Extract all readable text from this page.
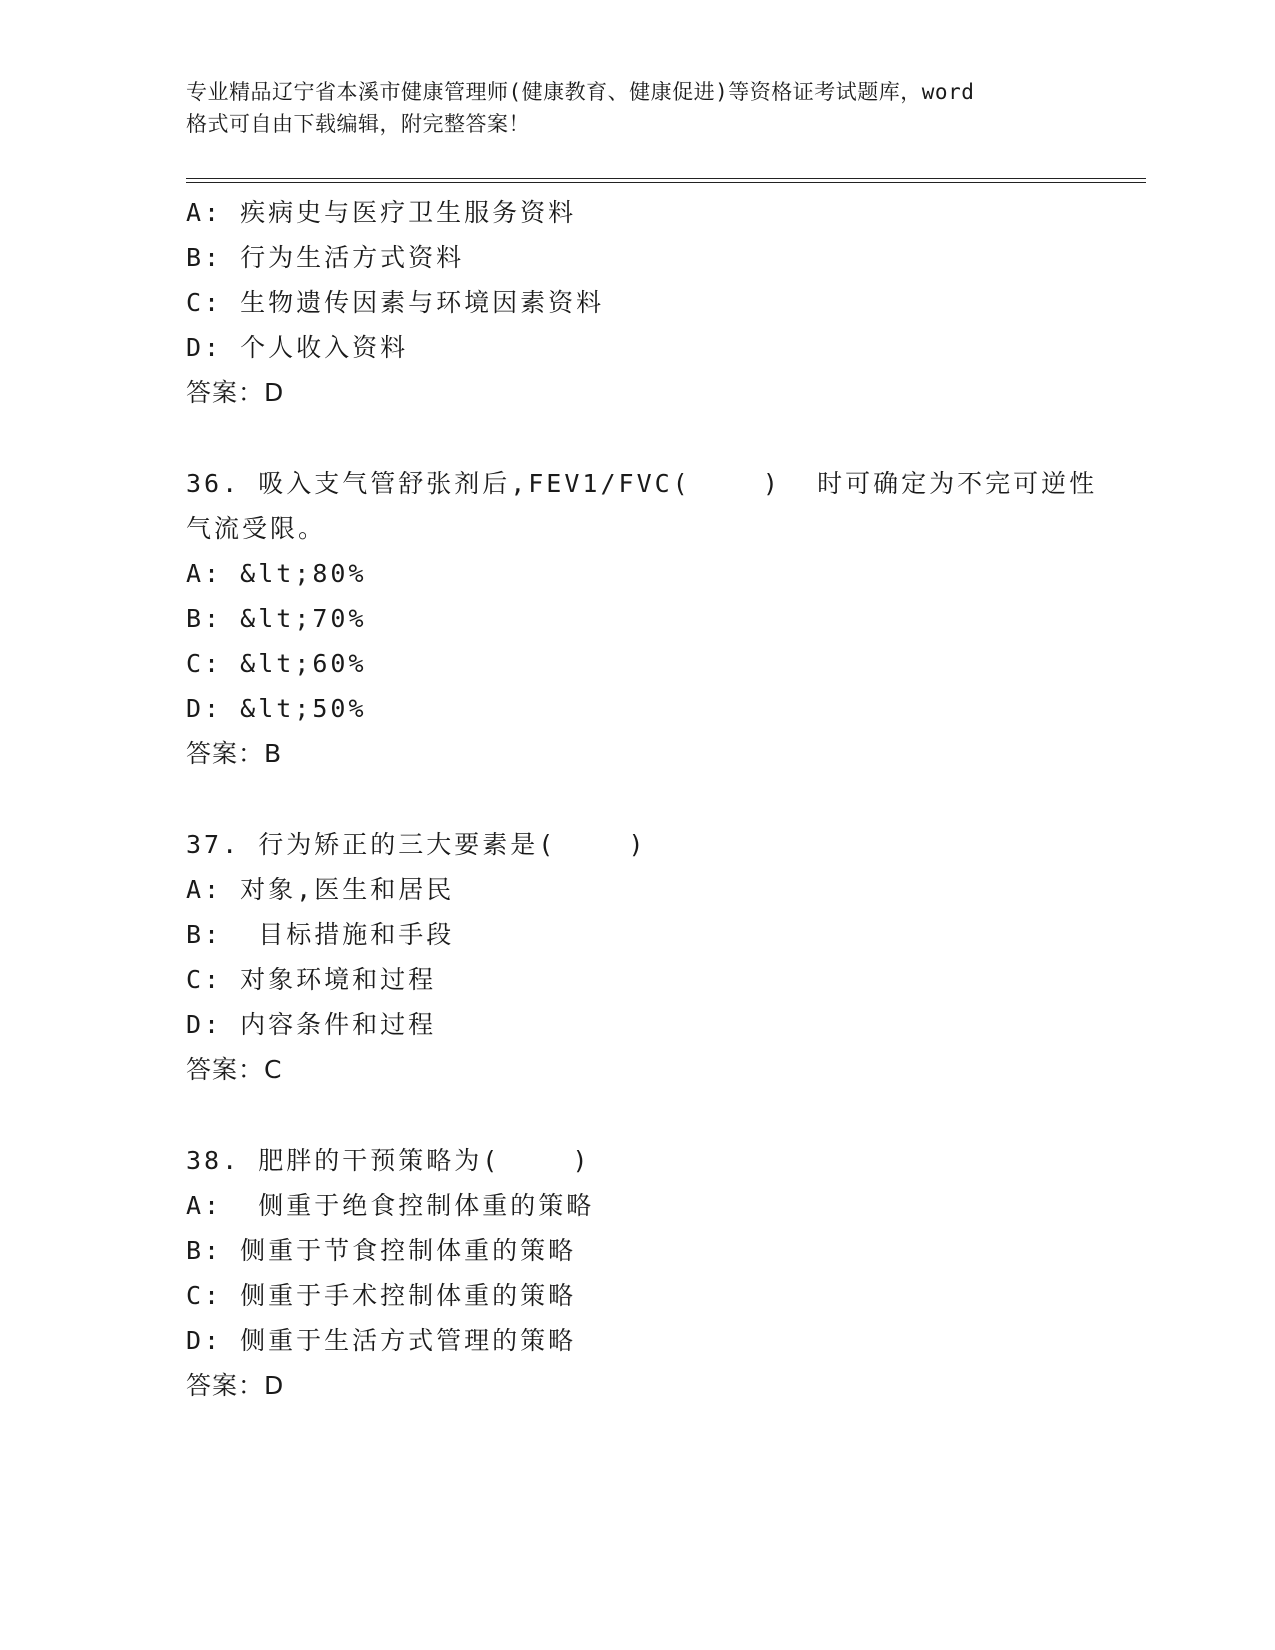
专业精品辽宁省本溪市健康管理师(健康教育、健康促进)等资格证考试题库，word
格式可自由下载编辑，附完整答案！
A: 疾病史与医疗卫生服务资料
B: 行为生活方式资料
C: 生物遗传因素与环境因素资料
D: 个人收入资料
答案：D
36. 吸入支气管舒张剂后,FEV1/FVC(    )  时可确定为不完可逆性
气流受限。
A: &lt;80%
B: &lt;70%
C: &lt;60%
D: &lt;50%
答案：B
37. 行为矫正的三大要素是(    )
A: 对象,医生和居民
B:  目标措施和手段
C: 对象环境和过程
D: 内容条件和过程
答案：C
38. 肥胖的干预策略为(    )
A:  侧重于绝食控制体重的策略
B: 侧重于节食控制体重的策略
C: 侧重于手术控制体重的策略
D: 侧重于生活方式管理的策略
答案：D
